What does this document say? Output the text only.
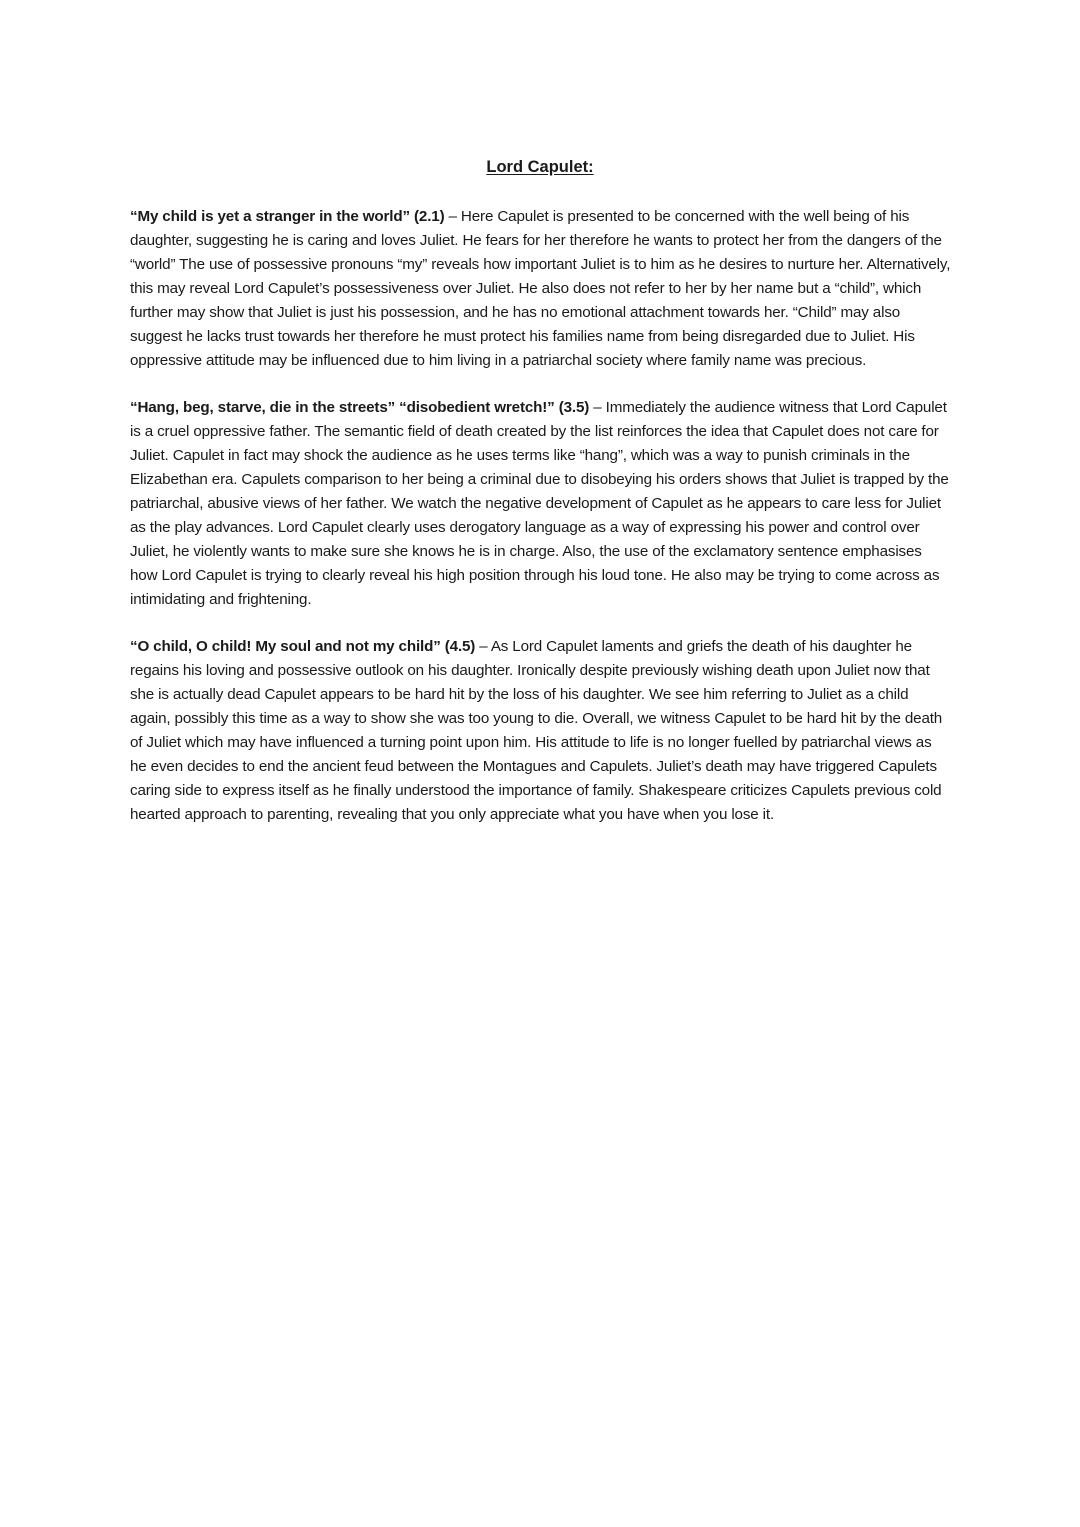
Lord Capulet:

“My child is yet a stranger in the world” (2.1) – Here Capulet is presented to be concerned with the well being of his daughter, suggesting he is caring and loves Juliet. He fears for her therefore he wants to protect her from the dangers of the “world” The use of possessive pronouns “my” reveals how important Juliet is to him as he desires to nurture her. Alternatively, this may reveal Lord Capulet’s possessiveness over Juliet. He also does not refer to her by her name but a “child”, which further may show that Juliet is just his possession, and he has no emotional attachment towards her. “Child” may also suggest he lacks trust towards her therefore he must protect his families name from being disregarded due to Juliet. His oppressive attitude may be influenced due to him living in a patriarchal society where family name was precious.

“Hang, beg, starve, die in the streets” “disobedient wretch!” (3.5) – Immediately the audience witness that Lord Capulet is a cruel oppressive father. The semantic field of death created by the list reinforces the idea that Capulet does not care for Juliet. Capulet in fact may shock the audience as he uses terms like “hang”, which was a way to punish criminals in the Elizabethan era. Capulets comparison to her being a criminal due to disobeying his orders shows that Juliet is trapped by the patriarchal, abusive views of her father. We watch the negative development of Capulet as he appears to care less for Juliet as the play advances. Lord Capulet clearly uses derogatory language as a way of expressing his power and control over Juliet, he violently wants to make sure she knows he is in charge. Also, the use of the exclamatory sentence emphasises how Lord Capulet is trying to clearly reveal his high position through his loud tone. He also may be trying to come across as intimidating and frightening.

“O child, O child! My soul and not my child” (4.5) – As Lord Capulet laments and griefs the death of his daughter he regains his loving and possessive outlook on his daughter. Ironically despite previously wishing death upon Juliet now that she is actually dead Capulet appears to be hard hit by the loss of his daughter. We see him referring to Juliet as a child again, possibly this time as a way to show she was too young to die. Overall, we witness Capulet to be hard hit by the death of Juliet which may have influenced a turning point upon him. His attitude to life is no longer fuelled by patriarchal views as he even decides to end the ancient feud between the Montagues and Capulets. Juliet’s death may have triggered Capulets caring side to express itself as he finally understood the importance of family. Shakespeare criticizes Capulets previous cold hearted approach to parenting, revealing that you only appreciate what you have when you lose it.
